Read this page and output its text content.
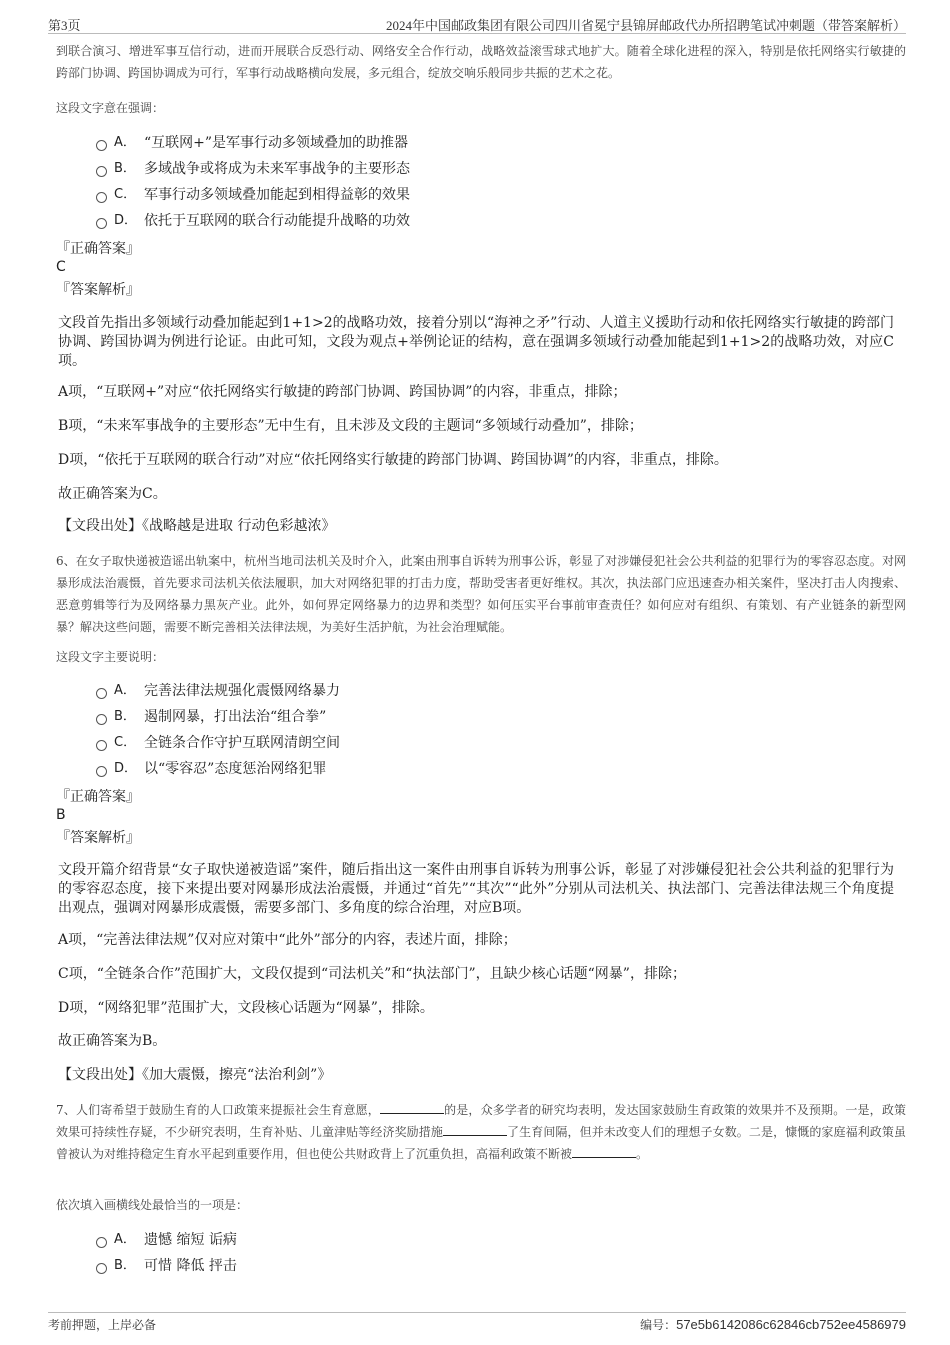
第3页	2024年中国邮政集团有限公司四川省冕宁县锦屏邮政代办所招聘笔试冲刺题（带答案解析）

到联合演习、增进军事互信行动，进而开展联合反恐行动、网络安全合作行动，战略效益滚雪球式地扩大。随着全球化进程的深入，特别是依托网络实行敏捷的跨部门协调、跨国协调成为可行，军事行动战略横向发展，多元组合，绽放交响乐般同步共振的艺术之花。

这段文字意在强调：

A． “互联网+”是军事行动多领域叠加的助推器
B． 多域战争或将成为未来军事战争的主要形态
C． 军事行动多领域叠加能起到相得益彰的效果
D． 依托于互联网的联合行动能提升战略的功效

『正确答案』

C

『答案解析』

文段首先指出多领域行动叠加能起到1+1>2的战略功效，接着分别以“海神之矛”行动、人道主义援助行动和依托网络实行敏捷的跨部门协调、跨国协调为例进行论证。由此可知，文段为观点+举例论证的结构，意在强调多领域行动叠加能起到1+1>2的战略功效，对应C项。

A项，“互联网+”对应“依托网络实行敏捷的跨部门协调、跨国协调”的内容，非重点，排除；

B项，“未来军事战争的主要形态”无中生有，且未涉及文段的主题词“多领域行动叠加”，排除；

D项，“依托于互联网的联合行动”对应“依托网络实行敏捷的跨部门协调、跨国协调”的内容，非重点，排除。

故正确答案为C。

【文段出处】《战略越是进取 行动色彩越浓》

6、在女子取快递被造谣出轨案中，杭州当地司法机关及时介入，此案由刑事自诉转为刑事公诉，彰显了对涉嫌侵犯社会公共利益的犯罪行为的零容忍态度。对网暴形成法治震慑，首先要求司法机关依法履职，加大对网络犯罪的打击力度，帮助受害者更好维权。其次，执法部门应迅速查办相关案件，坚决打击人肉搜索、恶意剪辑等行为及网络暴力黑灰产业。此外，如何界定网络暴力的边界和类型？如何压实平台事前审查责任？如何应对有组织、有策划、有产业链条的新型网暴？解决这些问题，需要不断完善相关法律法规，为美好生活护航，为社会治理赋能。

这段文字主要说明：

A． 完善法律法规强化震慑网络暴力
B． 遏制网暴，打出法治“组合拳”
C． 全链条合作守护互联网清朗空间
D． 以“零容忍”态度惩治网络犯罪

『正确答案』

B

『答案解析』

文段开篇介绍背景“女子取快递被造谣”案件，随后指出这一案件由刑事自诉转为刑事公诉，彰显了对涉嫌侵犯社会公共利益的犯罪行为的零容忍态度，接下来提出要对网暴形成法治震慑，并通过“首先”“其次”“此外”分别从司法机关、执法部门、完善法律法规三个角度提出观点，强调对网暴形成震慑，需要多部门、多角度的综合治理，对应B项。

A项，“完善法律法规”仅对应对策中“此外”部分的内容，表述片面，排除；

C项，“全链条合作”范围扩大，文段仅提到“司法机关”和“执法部门”，且缺少核心话题“网暴”，排除；

D项，“网络犯罪”范围扩大，文段核心话题为“网暴”，排除。

故正确答案为B。

【文段出处】《加大震慑，擦亮“法治利剑”》

7、人们寄希望于鼓励生育的人口政策来提振社会生育意愿，	的是，众多学者的研究均表明，发达国家鼓励生育政策的效果并不及预期。一是，政策效果可持续性存疑，不少研究表明，生育补贴、儿童津贴等经济奖励措施	了生育间隔，但并未改变人们的理想子女数。二是，慷慨的家庭福利政策虽曾被认为对维持稳定生育水平起到重要作用，但也使公共财政背上了沉重负担，高福利政策不断被	。

依次填入画横线处最恰当的一项是：

A． 遗憾 缩短 诟病
B． 可惜 降低 抨击
考前押题，上岸必备	编号：57e5b6142086c62846cb752ee4586979
